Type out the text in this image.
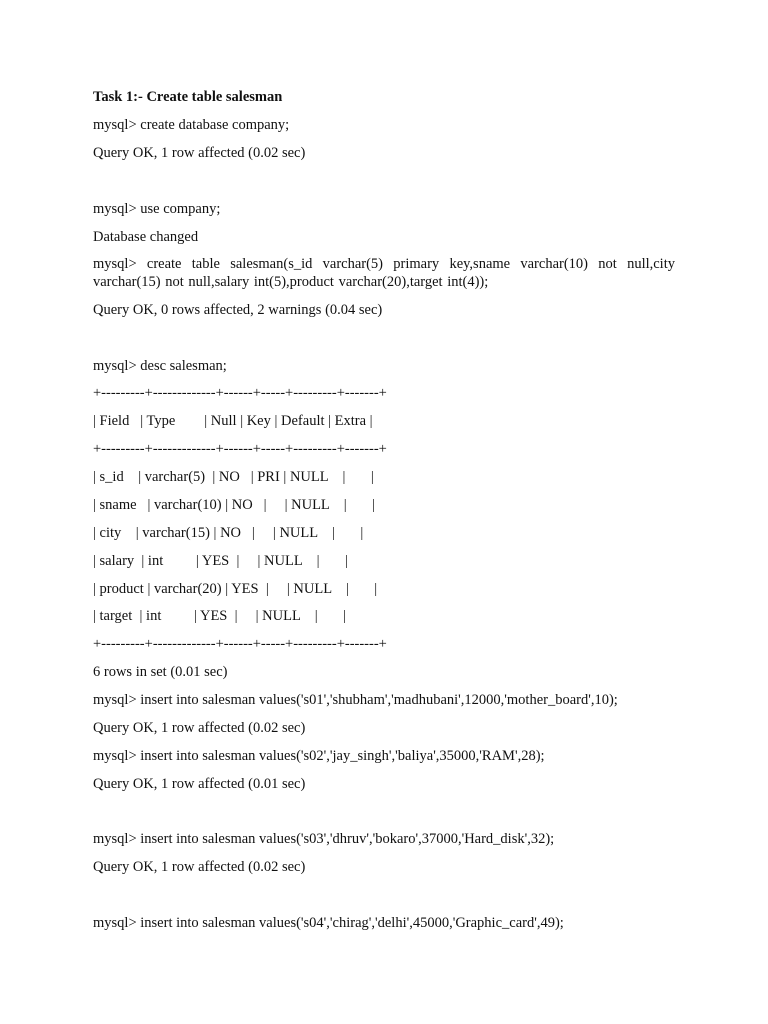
Task 1:- Create table salesman

mysql> create database company;

Query OK, 1 row affected (0.02 sec)

mysql> use company;

Database changed

mysql> create table salesman(s_id varchar(5) primary key,sname varchar(10) not null,city varchar(15) not null,salary int(5),product varchar(20),target int(4));

Query OK, 0 rows affected, 2 warnings (0.04 sec)

mysql> desc salesman;

+---------+-------------+------+-----+---------+-------+

| Field   | Type        | Null | Key | Default | Extra |

+---------+-------------+------+-----+---------+-------+

| s_id    | varchar(5)  | NO   | PRI | NULL    |       |

| sname   | varchar(10) | NO   |     | NULL    |       |

| city    | varchar(15) | NO   |     | NULL    |       |

| salary  | int         | YES  |     | NULL    |       |

| product | varchar(20) | YES  |     | NULL    |       |

| target  | int         | YES  |     | NULL    |       |

+---------+-------------+------+-----+---------+-------+

6 rows in set (0.01 sec)

mysql> insert into salesman values('s01','shubham','madhubani',12000,'mother_board',10);

Query OK, 1 row affected (0.02 sec)

mysql> insert into salesman values('s02','jay_singh','baliya',35000,'RAM',28);

Query OK, 1 row affected (0.01 sec)

mysql> insert into salesman values('s03','dhruv','bokaro',37000,'Hard_disk',32);

Query OK, 1 row affected (0.02 sec)

mysql> insert into salesman values('s04','chirag','delhi',45000,'Graphic_card',49);
